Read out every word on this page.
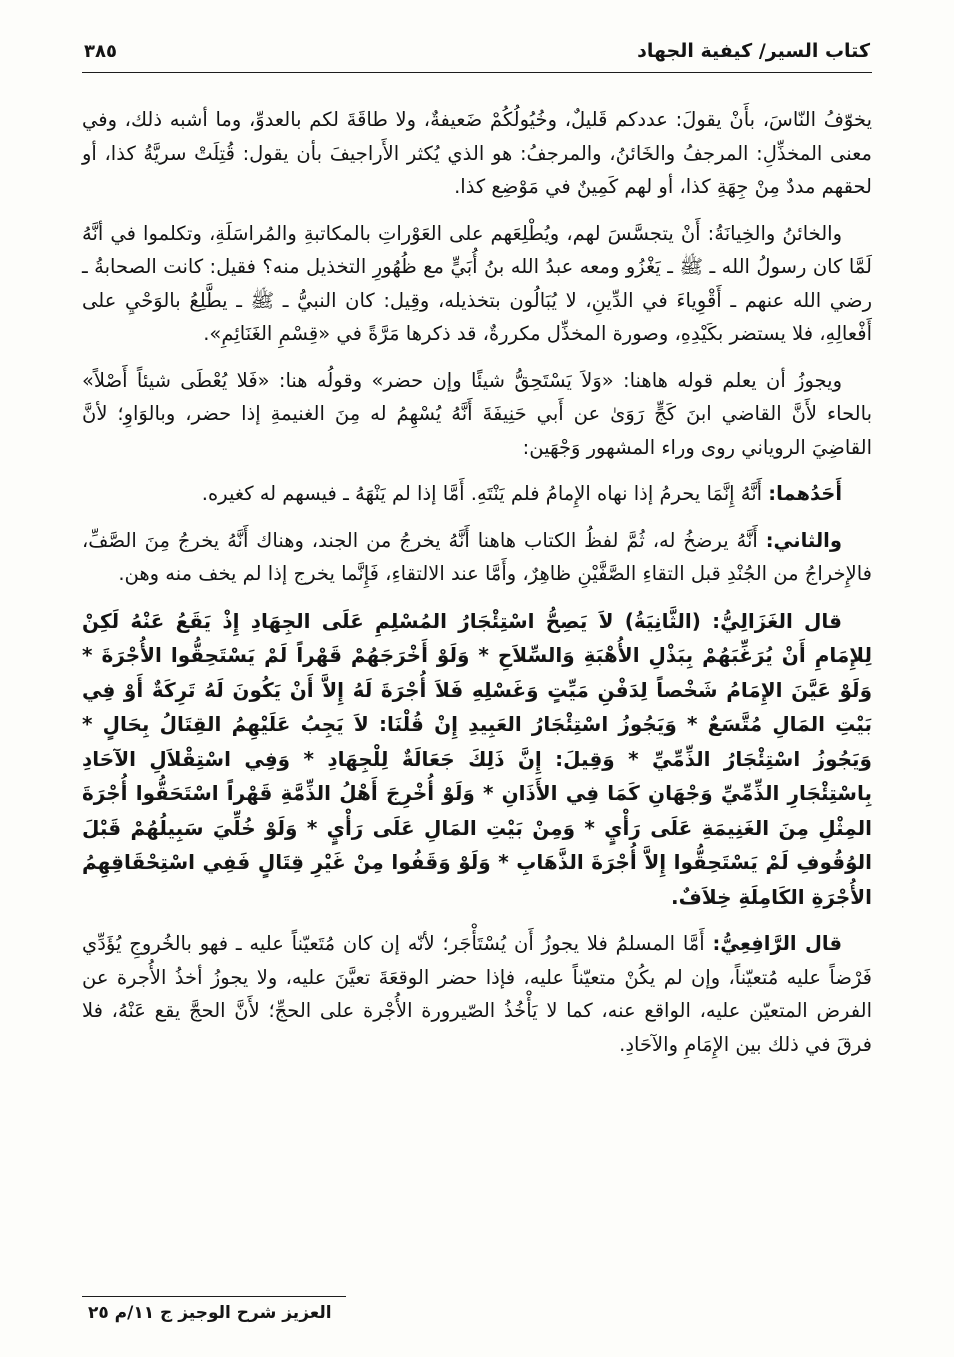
كتاب السير/ كيفية الجهاد
٣٨٥

يخوّفُ النّاسَ، بأَنْ يقولَ: عددكم قَليلٌ، وخُيُولُكُمْ ضَعيفةٌ، ولا طاقَةَ لكم بالعدوِّ، وما أشبه ذلك، وفي معنى المخذِّلِ: المرجفُ والخَائنُ، والمرجفُ: هو الذي يُكثر الأَراجيفَ بأن يقول: قُتِلَتْ سريَّةُ كذا، أو لحقهم مددٌ مِنْ جِهَةِ كذا، أو لهم كَمِينٌ في مَوْضِع كذا.

والخائنُ والخِيانَةُ: أَنْ يتجسَّسَ لهم، ويُطْلِعَهم على العَوْراتِ بالمكاتبةِ والمُراسَلَةِ، وتكلموا في أنَّهُ لَمَّا كان رسولُ الله ـ ﷺ ـ يَغْزُو ومعه عبدُ الله بنُ أُبَيٍّ مع ظُهُورِ التخذيل منه؟ فقيل: كانت الصحابةُ ـ رضي الله عنهم ـ أَقْوِياءَ في الدِّينِ، لا يُبَالُون بتخذيله، وقِيل: كان النبيُّ ـ ﷺ ـ يطَّلِعُ بالوَحْيِ على أَفْعالِهِ، فلا يستضر بكَيْدِهِ، وصورة المخذِّل مكررةٌ، قد ذكرها مَرَّةً في «قِسْمِ الغَنَائِمِ».

ويجوزُ أن يعلم قوله هاهنا: «وَلاَ يَسْتَحِقُّ شيئًا وإن حضر» وقولُه هنا: «فَلا يُعْطَى شيئاً أَصْلاً» بالحاء لأَنَّ القاضي ابنَ كَجٍّ رَوَىٰ عن أَبي حَنِيفَةَ أَنَّهُ يُسْهِمُ له مِنَ الغنيمةِ إذا حضر، وبالوَاوِ؛ لأنَّ القاضِيَ الروياني روى وراء المشهور وَجْهَين:

أَحَدُهما: أَنَّهُ إِنَّمَا يحرمُ إذا نهاه الإِمامُ فلم يَنْتَهِ. أَمَّا إذا لم يَنْهَهُ ـ فيسهم له كغيره.

والثاني: أَنَّهُ يرضخُ له، ثُمَّ لفظُ الكتاب هاهنا أَنَّهُ يخرجُ من الجند، وهناك أَنَّهُ يخرجُ مِنَ الصَّفِّ، فالإِخراجُ من الجُنْدِ قبل التقاءِ الصَّفَّيْنِ ظاهِرٌ، وأَمَّا عند الالتقاءِ، فَإِنَّما يخرج إذا لم يخف منه وهن.

قال الغَزَالِيُّ: (الثَّانِيَةُ) لاَ يَصِحُّ اسْتِئْجَارُ المُسْلِمِ عَلَى الجِهَادِ إِذْ يَقَعُ عَنْهُ لَكِنْ لِلإِمَامِ أَنْ يُرَغِّبَهُمْ بِبَذْلِ الأُهْبَةِ وَالسِّلاَحِ * وَلَوْ أَخْرَجَهُمْ قَهْراً لَمْ يَسْتَحِقُّوا الأُجْرَةَ * وَلَوْ عَيَّنَ الإِمَامُ شَخْصاً لِدَفْنِ مَيِّتٍ وَغَسْلِهِ فَلاَ أُجْرَةَ لَهُ إِلاَّ أَنْ يَكُونَ لَهُ تَرِكَةٌ أَوْ فِي بَيْتِ المَالِ مُتَّسَعٌ * وَيَجُوزُ اسْتِئْجَارُ العَبِيدِ إِنْ قُلْنَا: لاَ يَجِبُ عَلَيْهِمُ القِتَالُ بِحَالٍ * وَيَجُوزُ اسْتِئْجَارُ الذِّمِّيِّ * وَقِيلَ: إِنَّ ذَلِكَ جَعَالَةٌ لِلْجِهَادِ * وَفِي اسْتِقْلاَلِ الآحَادِ بِاسْتِئْجَارِ الذِّمِّيِّ وَجْهَانِ كَمَا فِي الأَذَانِ * وَلَوْ أُخْرِجَ أَهْلُ الذِّمَّةِ قَهْراً اسْتَحَقُّوا أُجْرَةَ المِثْلِ مِنَ الغَنِيمَةِ عَلَى رَأْيٍ * وَمِنْ بَيْتِ المَالِ عَلَى رَأْيٍ * وَلَوْ خُلِّيَ سَبِيلُهُمْ قَبْلَ الوُقُوفِ لَمْ يَسْتَحِقُّوا إِلاَّ أُجْرَةَ الذَّهَابِ * وَلَوْ وَقَفُوا مِنْ غَيْرِ قِتَالٍ فَفِي اسْتِحْقَاقِهِمُ الأُجْرَةِ الكَامِلَةِ خِلاَفٌ.

قال الرَّافِعِيُّ: أَمَّا المسلمُ فلا يجوزُ أَن يُسْتَأْجَر؛ لأنّه إن كان مُتَعيّناً عليه ـ فهو بالخُروجِ يُؤَدِّي فَرْضاً عليه مُتعيّناً، وإن لم يكُنْ متعيّناً عليه، فإذا حضر الوقعَةَ تعيَّنَ عليه، ولا يجوزُ أخذُ الأُجرة عن الفرض المتعيّن عليه، الواقع عنه، كما لا يَأْخُذُ الصّيرورة الأُجْرة على الحجِّ؛ لأَنَّ الحجَّ يقع عَنْهُ، فلا فرقَ في ذلك بين الإِمَامِ والآحَادِ.

العزيز شرح الوجيز ج ١١/م ٢٥
